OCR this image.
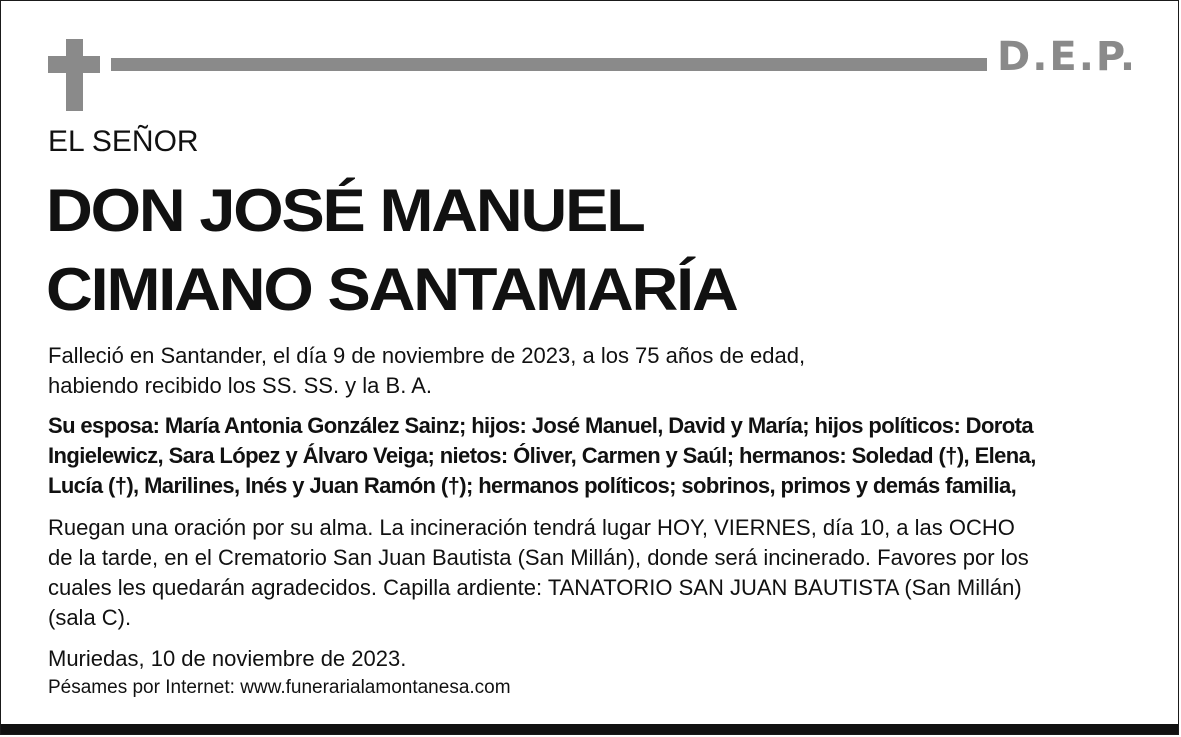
D.E.P.
EL SEÑOR
DON JOSÉ MANUEL
CIMIANO SANTAMARÍA

Falleció en Santander, el día 9 de noviembre de 2023, a los 75 años de edad,
habiendo recibido los SS. SS. y la B. A.

Su esposa: María Antonia González Sainz; hijos: José Manuel, David y María; hijos políticos: Dorota
Ingielewicz, Sara López y Álvaro Veiga; nietos: Óliver, Carmen y Saúl; hermanos: Soledad (†), Elena,
Lucía (†), Marilines, Inés y Juan Ramón (†); hermanos políticos; sobrinos, primos y demás familia,

Ruegan una oración por su alma. La incineración tendrá lugar HOY, VIERNES, día 10, a las OCHO
de la tarde, en el Crematorio San Juan Bautista (San Millán), donde será incinerado. Favores por los
cuales les quedarán agradecidos. Capilla ardiente: TANATORIO SAN JUAN BAUTISTA (San Millán)
(sala C).

Muriedas, 10 de noviembre de 2023.

Pésames por Internet: www.funerarialamontanesa.com
